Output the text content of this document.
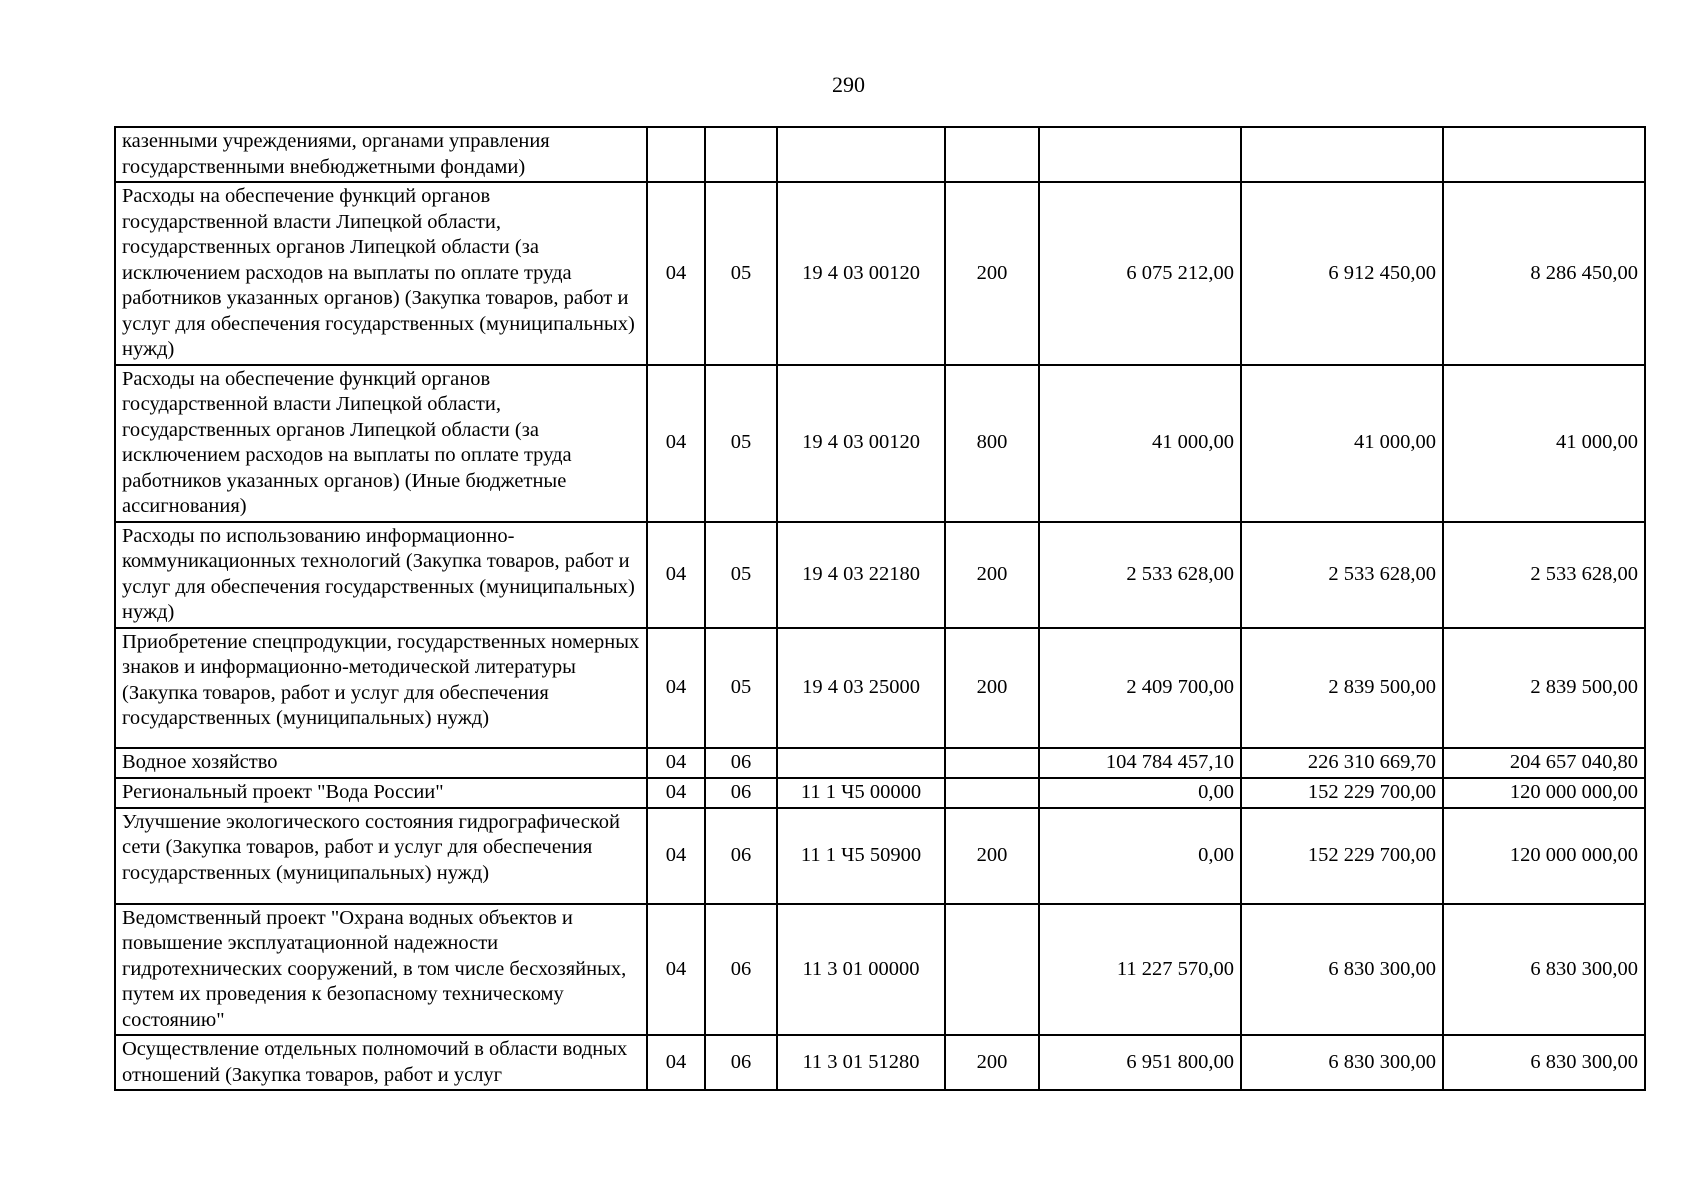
290
казенными учреждениями, органами управления государственными внебюджетными фондами)							
Расходы на обеспечение функций органов государственной власти Липецкой области, государственных органов Липецкой области (за исключением расходов на выплаты по оплате труда работников указанных органов) (Закупка товаров, работ и услуг для обеспечения государственных (муниципальных) нужд)	04	05	19 4 03 00120	200	6 075 212,00	6 912 450,00	8 286 450,00
Расходы на обеспечение функций органов государственной власти Липецкой области, государственных органов Липецкой области (за исключением расходов на выплаты по оплате труда работников указанных органов) (Иные бюджетные ассигнования)	04	05	19 4 03 00120	800	41 000,00	41 000,00	41 000,00
Расходы по использованию информационно-коммуникационных технологий (Закупка товаров, работ и услуг для обеспечения государственных (муниципальных) нужд)	04	05	19 4 03 22180	200	2 533 628,00	2 533 628,00	2 533 628,00
Приобретение спецпродукции, государственных номерных знаков и информационно-методической литературы (Закупка товаров, работ и услуг для обеспечения государственных (муниципальных) нужд)	04	05	19 4 03 25000	200	2 409 700,00	2 839 500,00	2 839 500,00
Водное хозяйство	04	06			104 784 457,10	226 310 669,70	204 657 040,80
Региональный проект "Вода России"	04	06	11 1 Ч5 00000		0,00	152 229 700,00	120 000 000,00
Улучшение экологического состояния гидрографической сети (Закупка товаров, работ и услуг для обеспечения государственных (муниципальных) нужд)	04	06	11 1 Ч5 50900	200	0,00	152 229 700,00	120 000 000,00
Ведомственный проект "Охрана водных объектов и повышение эксплуатационной надежности гидротехнических сооружений, в том числе бесхозяйных, путем их проведения к безопасному техническому состоянию"	04	06	11 3 01 00000		11 227 570,00	6 830 300,00	6 830 300,00
Осуществление отдельных полномочий в области водных отношений (Закупка товаров, работ и услуг	04	06	11 3 01 51280	200	6 951 800,00	6 830 300,00	6 830 300,00
